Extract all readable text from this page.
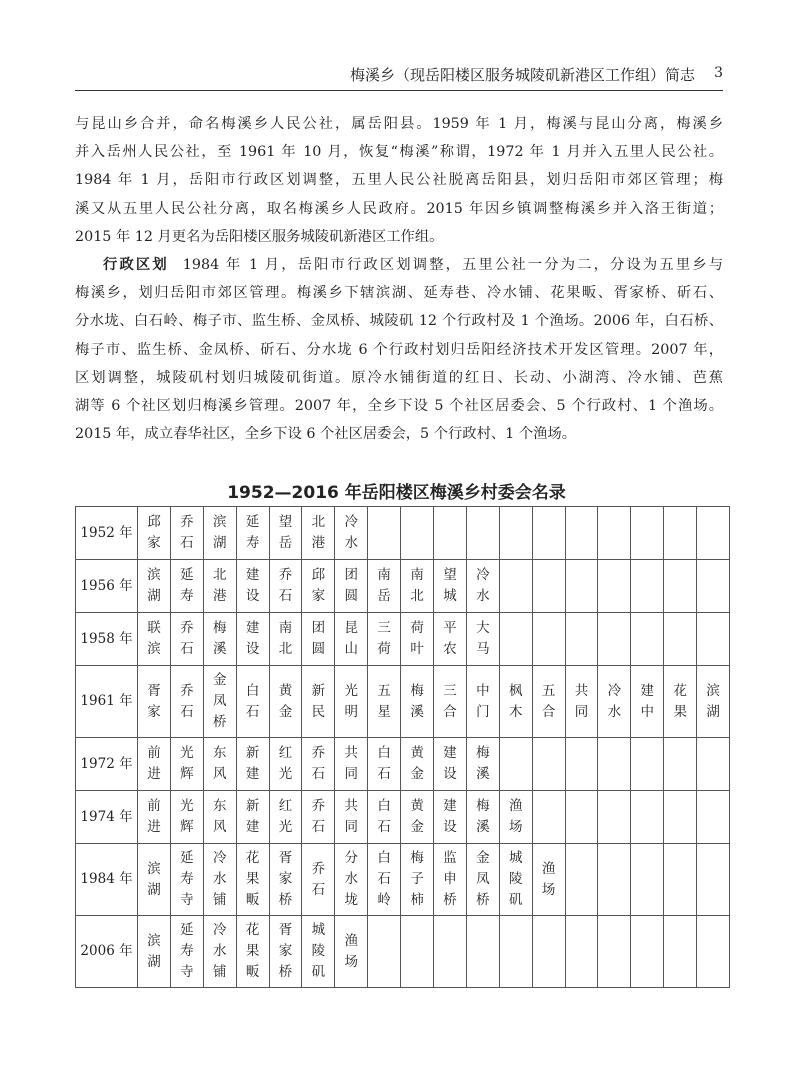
梅溪乡（现岳阳楼区服务城陵矶新港区工作组）简志 3
与昆山乡合并，命名梅溪乡人民公社，属岳阳县。1959 年 1 月，梅溪与昆山分离，梅溪乡
并入岳州人民公社，至 1961 年 10 月，恢复“梅溪”称谓，1972 年 1 月并入五里人民公社。
1984 年 1 月，岳阳市行政区划调整，五里人民公社脱离岳阳县，划归岳阳市郊区管理；梅
溪又从五里人民公社分离，取名梅溪乡人民政府。2015 年因乡镇调整梅溪乡并入洛王街道；
2015 年 12 月更名为岳阳楼区服务城陵矶新港区工作组。
行政区划 1984 年 1 月，岳阳市行政区划调整，五里公社一分为二，分设为五里乡与
梅溪乡，划归岳阳市郊区管理。梅溪乡下辖滨湖、延寿巷、冷水铺、花果畈、胥家桥、斫石、
分水垅、白石岭、梅子市、监生桥、金凤桥、城陵矶 12 个行政村及 1 个渔场。2006 年，白石桥、
梅子市、监生桥、金凤桥、斫石、分水垅 6 个行政村划归岳阳经济技术开发区管理。2007 年，
区划调整，城陵矶村划归城陵矶街道。原冷水铺街道的红日、长动、小湖湾、冷水铺、芭蕉
湖等 6 个社区划归梅溪乡管理。2007 年，全乡下设 5 个社区居委会、5 个行政村、1 个渔场。
2015 年，成立春华社区，全乡下设 6 个社区居委会，5 个行政村、1 个渔场。
1952—2016 年岳阳楼区梅溪乡村委会名录
1952 年	邱家	乔石	滨湖	延寿	望岳	北港	冷水											
1956 年	滨湖	延寿	北港	建设	乔石	邱家	团圆	南岳	南北	望城	冷水							
1958 年	联滨	乔石	梅溪	建设	南北	团圆	昆山	三荷	荷叶	平农	大马							
1961 年	胥家	乔石	金凤桥	白石	黄金	新民	光明	五星	梅溪	三合	中门	枫木	五合	共同	冷水	建中	花果	滨湖
1972 年	前进	光辉	东风	新建	红光	乔石	共同	白石	黄金	建设	梅溪							
1974 年	前进	光辉	东风	新建	红光	乔石	共同	白石	黄金	建设	梅溪	渔场						
1984 年	滨湖	延寿寺	冷水铺	花果畈	胥家桥	乔石	分水垅	白石岭	梅子柿	监申桥	金凤桥	城陵矶	渔场					
2006 年	滨湖	延寿寺	冷水铺	花果畈	胥家桥	城陵矶	渔场											
